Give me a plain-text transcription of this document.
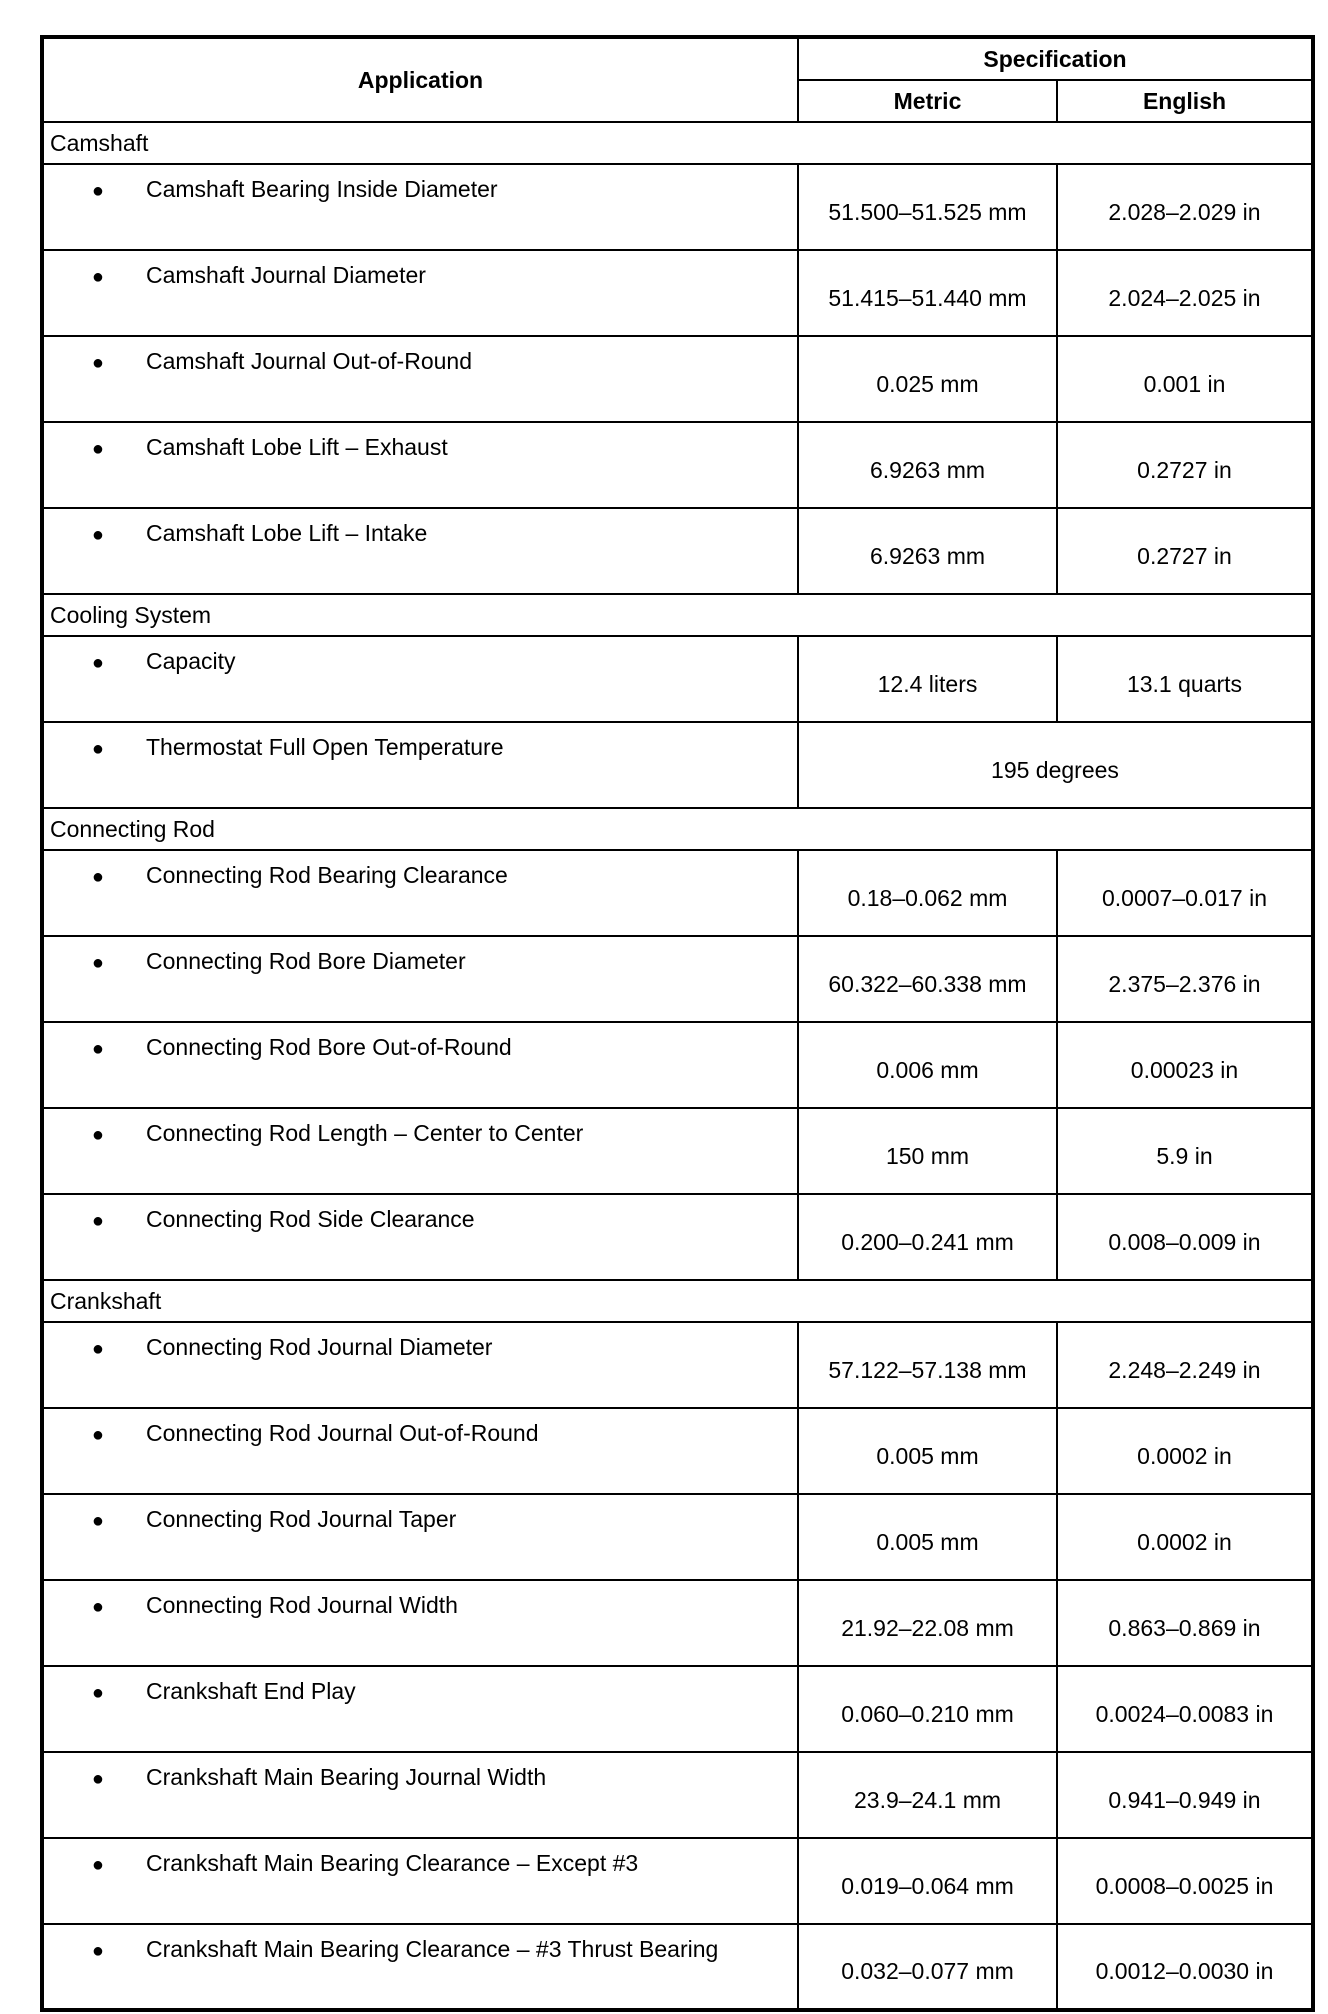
Application	Specification	
	Metric	English
Camshaft		
● Camshaft Bearing Inside Diameter	51.500–51.525 mm	2.028–2.029 in
● Camshaft Journal Diameter	51.415–51.440 mm	2.024–2.025 in
● Camshaft Journal Out-of-Round	0.025 mm	0.001 in
● Camshaft Lobe Lift – Exhaust	6.9263 mm	0.2727 in
● Camshaft Lobe Lift – Intake	6.9263 mm	0.2727 in
Cooling System		
● Capacity	12.4 liters	13.1 quarts
● Thermostat Full Open Temperature	195 degrees	
Connecting Rod		
● Connecting Rod Bearing Clearance	0.18–0.062 mm	0.0007–0.017 in
● Connecting Rod Bore Diameter	60.322–60.338 mm	2.375–2.376 in
● Connecting Rod Bore Out-of-Round	0.006 mm	0.00023 in
● Connecting Rod Length – Center to Center	150 mm	5.9 in
● Connecting Rod Side Clearance	0.200–0.241 mm	0.008–0.009 in
Crankshaft		
● Connecting Rod Journal Diameter	57.122–57.138 mm	2.248–2.249 in
● Connecting Rod Journal Out-of-Round	0.005 mm	0.0002 in
● Connecting Rod Journal Taper	0.005 mm	0.0002 in
● Connecting Rod Journal Width	21.92–22.08 mm	0.863–0.869 in
● Crankshaft End Play	0.060–0.210 mm	0.0024–0.0083 in
● Crankshaft Main Bearing Journal Width	23.9–24.1 mm	0.941–0.949 in
● Crankshaft Main Bearing Clearance – Except #3	0.019–0.064 mm	0.0008–0.0025 in
● Crankshaft Main Bearing Clearance – #3 Thrust Bearing	0.032–0.077 mm	0.0012–0.0030 in
